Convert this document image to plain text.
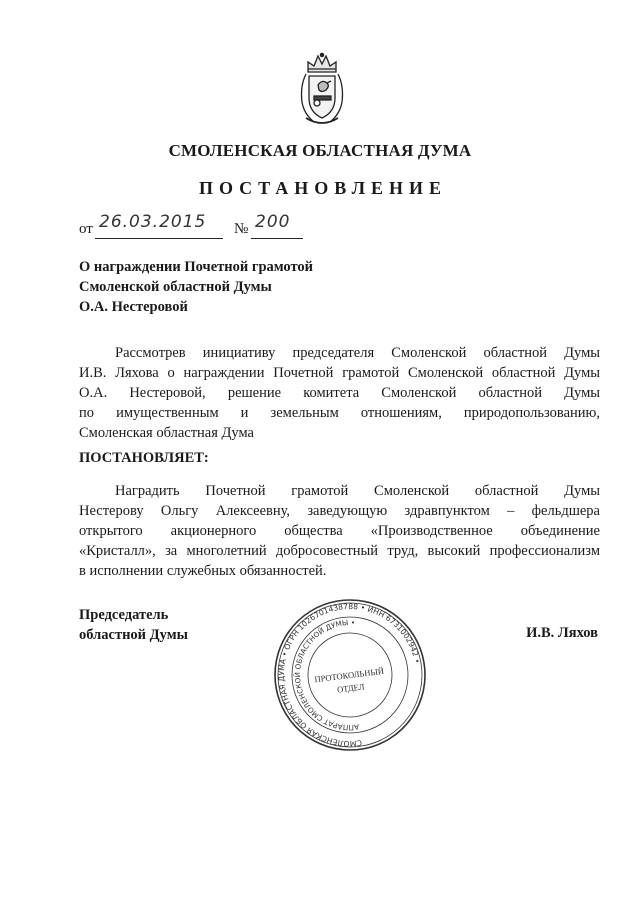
СМОЛЕНСКАЯ ОБЛАСТНАЯ ДУМА
ПОСТАНОВЛЕНИЕ
от 26.03.2015 № 200
О награждении Почетной грамотой
Смоленской областной Думы
О.А. Нестеровой
Рассмотрев инициативу председателя Смоленской областной Думы
И.В. Ляхова о награждении Почетной грамотой Смоленской областной Думы
О.А. Нестеровой, решение комитета Смоленской областной Думы
по имущественным и земельным отношениям, природопользованию,
Смоленская областная Дума
ПОСТАНОВЛЯЕТ:
Наградить Почетной грамотой Смоленской областной Думы
Нестерову Ольгу Алексеевну, заведующую здравпунктом – фельдшера
открытого акционерного общества «Производственное объединение
«Кристалл», за многолетний добросовестный труд, высокий профессионализм
в исполнении служебных обязанностей.
Председатель
областной Думы
СМОЛЕНСКАЯ ОБЛАСТНАЯ ДУМА • ОГРН 1026701438788 • ИНН 6731002942 •
АППАРАТ СМОЛЕНСКОЙ ОБЛАСТНОЙ ДУМЫ •
ПРОТОКОЛЬНЫЙ
ОТДЕЛ
И.В. Ляхов
